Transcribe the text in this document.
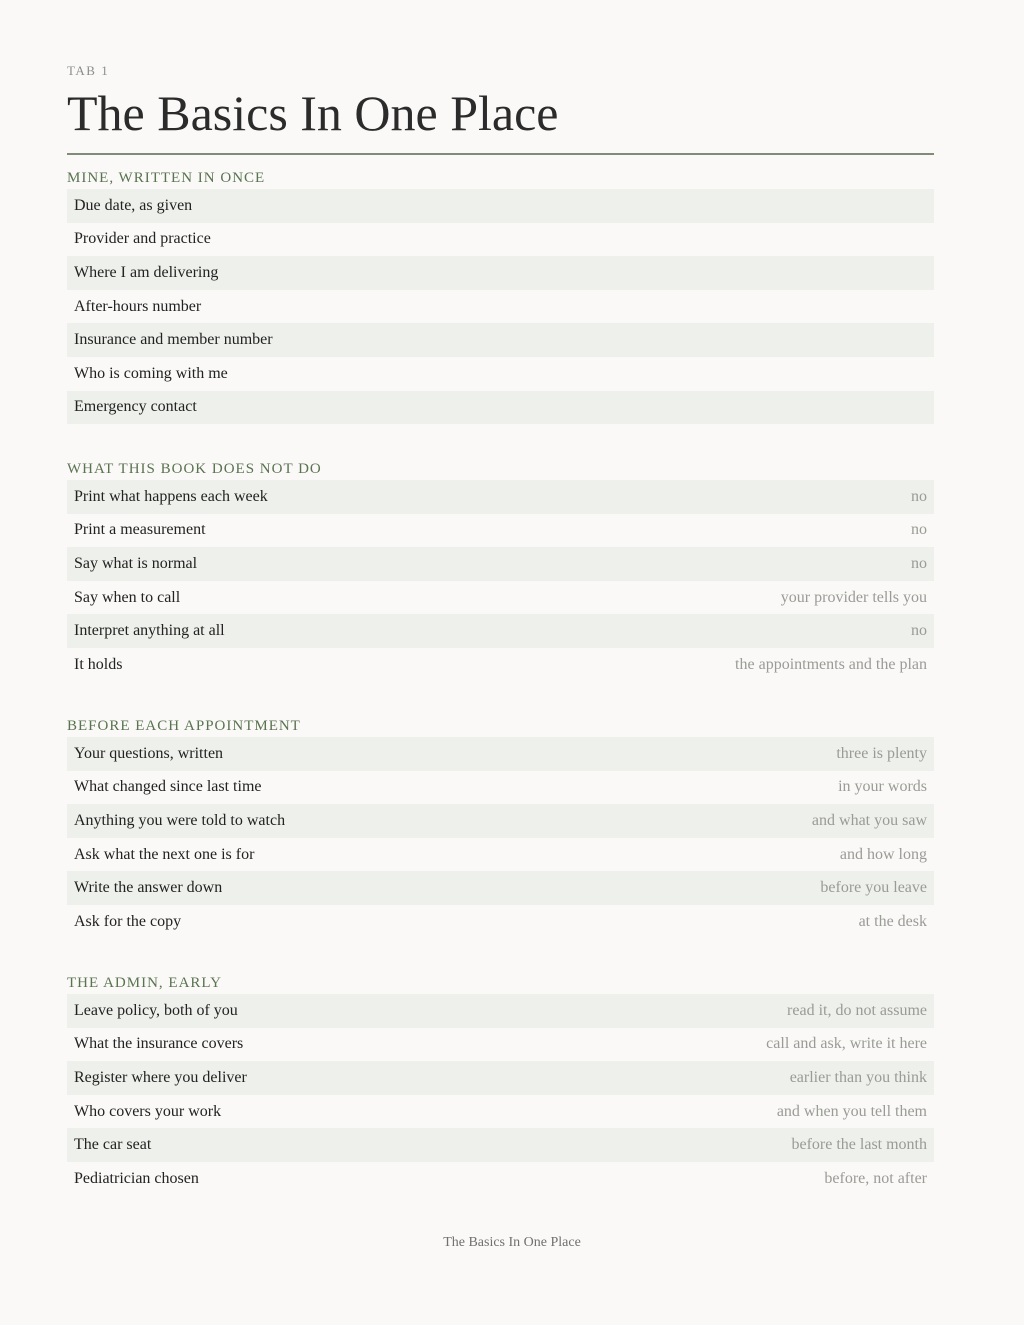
TAB 1
The Basics In One Place
MINE, WRITTEN IN ONCE
Due date, as given
Provider and practice
Where I am delivering
After-hours number
Insurance and member number
Who is coming with me
Emergency contact
WHAT THIS BOOK DOES NOT DO
Print what happens each week	no
Print a measurement	no
Say what is normal	no
Say when to call	your provider tells you
Interpret anything at all	no
It holds	the appointments and the plan
BEFORE EACH APPOINTMENT
Your questions, written	three is plenty
What changed since last time	in your words
Anything you were told to watch	and what you saw
Ask what the next one is for	and how long
Write the answer down	before you leave
Ask for the copy	at the desk
THE ADMIN, EARLY
Leave policy, both of you	read it, do not assume
What the insurance covers	call and ask, write it here
Register where you deliver	earlier than you think
Who covers your work	and when you tell them
The car seat	before the last month
Pediatrician chosen	before, not after
The Basics In One Place
